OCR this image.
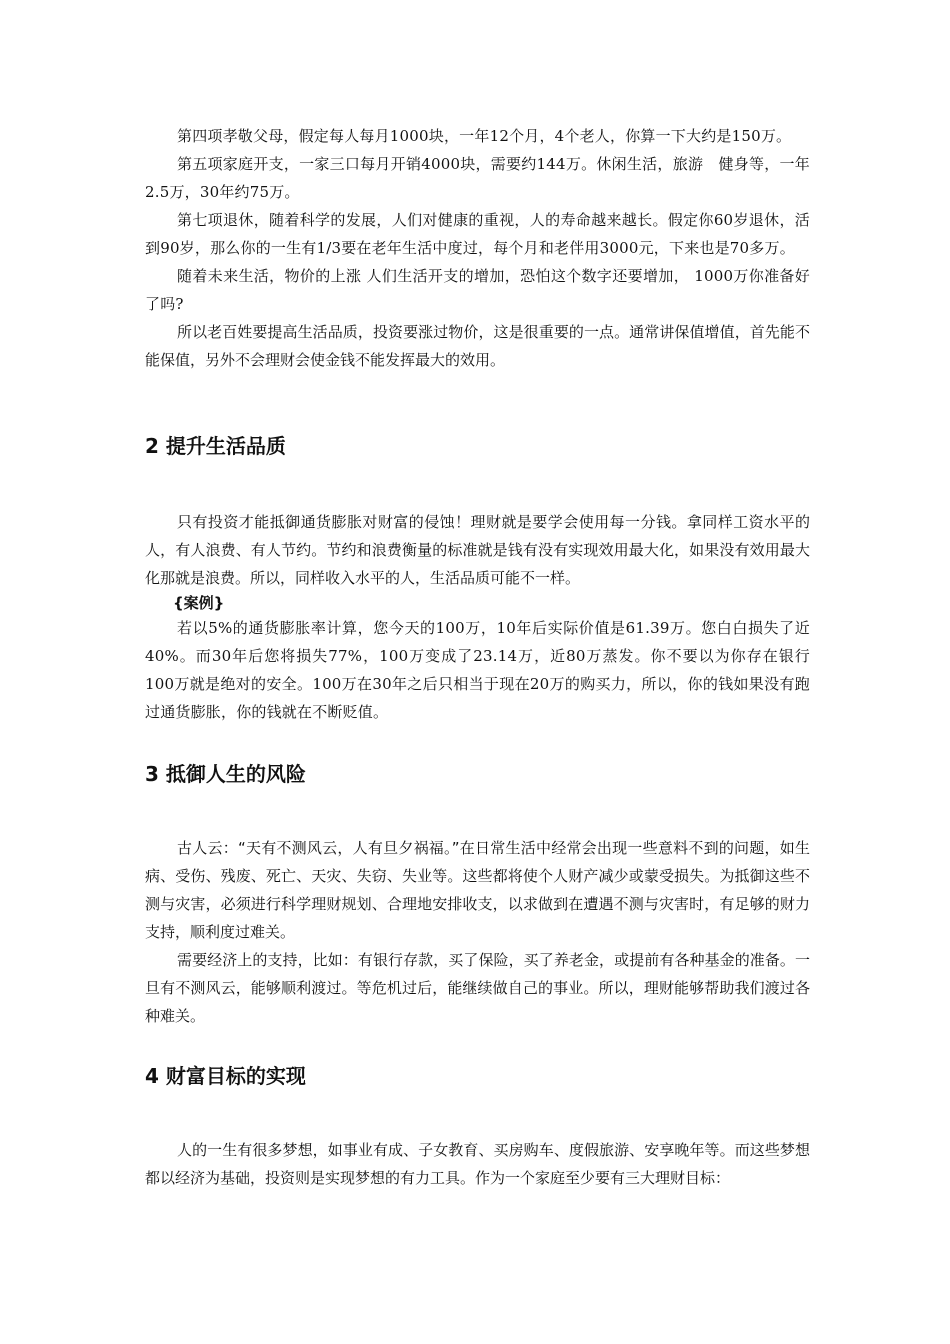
第四项孝敬父母，假定每人每月1000块，一年12个月，4个老人，你算一下大约是150万。

第五项家庭开支，一家三口每月开销4000块，需要约144万。休闲生活，旅游　健身等，一年2.5万，30年约75万。

第七项退休，随着科学的发展，人们对健康的重视，人的寿命越来越长。假定你60岁退休，活到90岁，那么你的一生有1/3要在老年生活中度过，每个月和老伴用3000元，下来也是70多万。

随着未来生活，物价的上涨 人们生活开支的增加，恐怕这个数字还要增加， 1000万你准备好了吗?

所以老百姓要提高生活品质，投资要涨过物价，这是很重要的一点。通常讲保值增值，首先能不能保值，另外不会理财会使金钱不能发挥最大的效用。

2 提升生活品质

只有投资才能抵御通货膨胀对财富的侵蚀！理财就是要学会使用每一分钱。拿同样工资水平的人，有人浪费、有人节约。节约和浪费衡量的标准就是钱有没有实现效用最大化，如果没有效用最大化那就是浪费。所以，同样收入水平的人，生活品质可能不一样。

{案例}

若以5%的通货膨胀率计算，您今天的100万，10年后实际价值是61.39万。您白白损失了近40%。而30年后您将损失77%，100万变成了23.14万，近80万蒸发。你不要以为你存在银行100万就是绝对的安全。100万在30年之后只相当于现在20万的购买力，所以，你的钱如果没有跑过通货膨胀，你的钱就在不断贬值。

3 抵御人生的风险

古人云：“天有不测风云，人有旦夕祸福。”在日常生活中经常会出现一些意料不到的问题，如生病、受伤、残废、死亡、天灾、失窃、失业等。这些都将使个人财产减少或蒙受损失。为抵御这些不测与灾害，必须进行科学理财规划、合理地安排收支，以求做到在遭遇不测与灾害时，有足够的财力支持，顺利度过难关。

需要经济上的支持，比如：有银行存款，买了保险，买了养老金，或提前有各种基金的准备。一旦有不测风云，能够顺利渡过。等危机过后，能继续做自己的事业。所以，理财能够帮助我们渡过各种难关。

4 财富目标的实现

人的一生有很多梦想，如事业有成、子女教育、买房购车、度假旅游、安享晚年等。而这些梦想都以经济为基础，投资则是实现梦想的有力工具。作为一个家庭至少要有三大理财目标：
